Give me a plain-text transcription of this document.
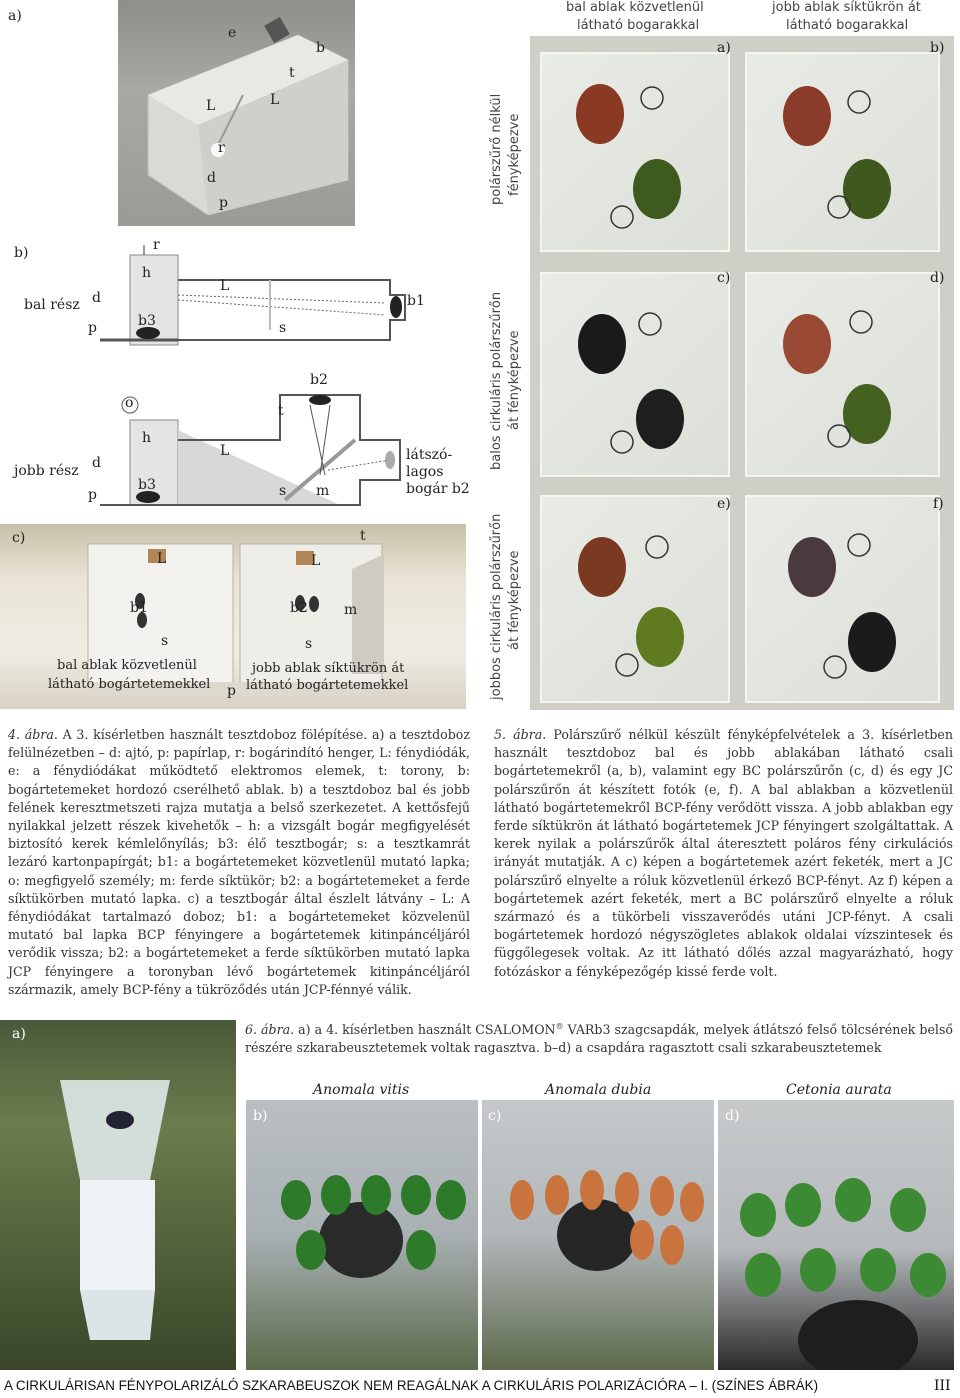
a)
e
b
t
L	L
r
d
p
b)
bal rész
jobb rész
d
p
r
h
b3
L
s
b1
o
b2
t
h
L
d
b3
p	s m
látszó-
lagos
bogár b2
c)
L	L
t
b1	b2	m
s	s
p
bal ablak közvetlenül
látható bogártetemekkel
jobb ablak síktükrön át
látható bogártetemekkel
4. ábra. A 3. kísérletben használt tesztdoboz fölépítése. a) a tesztdoboz felülnézetben – d: ajtó, p: papírlap, r: bogárindító henger, L: fénydiódák, e: a fénydiódákat működtető elektromos elemek, t: torony, b: bogártetemeket hordozó cserélhető ablak. b) a tesztdoboz bal és jobb felének keresztmetszeti rajza mutatja a belső szerkezetet. A kettősfejű nyilakkal jelzett részek kivehetők – h: a vizsgált bogár megfigyelését biztosító kerek kémlelőnyílás; b3: élő tesztbogár; s: a tesztkamrát lezáró kartonpapírgát; b1: a bogártetemeket közvetlenül mutató lapka; o: megfigyelő személy; m: ferde síktükör; b2: a bogártetemeket a ferde síktükörben mutató lapka. c) a tesztbogár által észlelt látvány – L: A fénydiódákat tartalmazó doboz; b1: a bogártetemeket közvelenül mutató bal lapka BCP fényingere a bogártetemek kitinpáncéljáról verődik vissza; b2: a bogártetemeket a ferde síktükörben mutató lapka JCP fényingere a toronyban lévő bogártetemek kitinpáncéljáról származik, amely BCP-fény a tükröződés után JCP-fénnyé válik.
bal ablak közvetlenül
látható bogarakkal
jobb ablak síktükrön át
látható bogarakkal
polárszűrő nélkül fényképezve
balos cirkuláris polárszűrőn át fényképezve
jobbos cirkuláris polárszűrőn át fényképezve
a)	b)
c)	d)
e)	f)
5. ábra. Polárszűrő nélkül készült fényképfelvételek a 3. kísérletben használt tesztdoboz bal és jobb ablakában látható csali bogártetemekről (a, b), valamint egy BC polárszűrőn (c, d) és egy JC polárszűrőn át készített fotók (e, f). A bal ablakban a közvetlenül látható bogártetemekről BCP-fény verődött vissza. A jobb ablakban egy ferde síktükrön át látható bogártetemek JCP fényingert szolgáltattak. A kerek nyilak a polárszűrők által áteresztett poláros fény cirkulációs irányát mutatják. A c) képen a bogártetemek azért feketék, mert a JC polárszűrő elnyelte a róluk közvetlenül érkező BCP-fényt. Az f) képen a bogártetemek azért feketék, mert a BC polárszűrő elnyelte a róluk származó és a tükörbeli visszaverődés utáni JCP-fényt. A csali bogártetemek hordozó négyszögletes ablakok oldalai vízszintesek és függőlegesek voltak. Az itt látható dőlés azzal magyarázható, hogy fotózáskor a fényképezőgép kissé ferde volt.
a)	6. ábra. a) a 4. kísérletben használt CSALOMON® VARb3 szagcsapdák, melyek átlátszó felső tölcsérének belső részére szkarabeusztetemek voltak ragasztva. b–d) a csapdára ragasztott csali szkarabeusztetemek
Anomala vitis	Anomala dubia	Cetonia aurata
b)	c)	d)
A CIRKULÁRISAN FÉNYPOLARIZÁLÓ SZKARABEUSZOK NEM REAGÁLNAK A CIRKULÁRIS POLARIZÁCIÓRA – I. (SZÍNES ÁBRÁK)	III
